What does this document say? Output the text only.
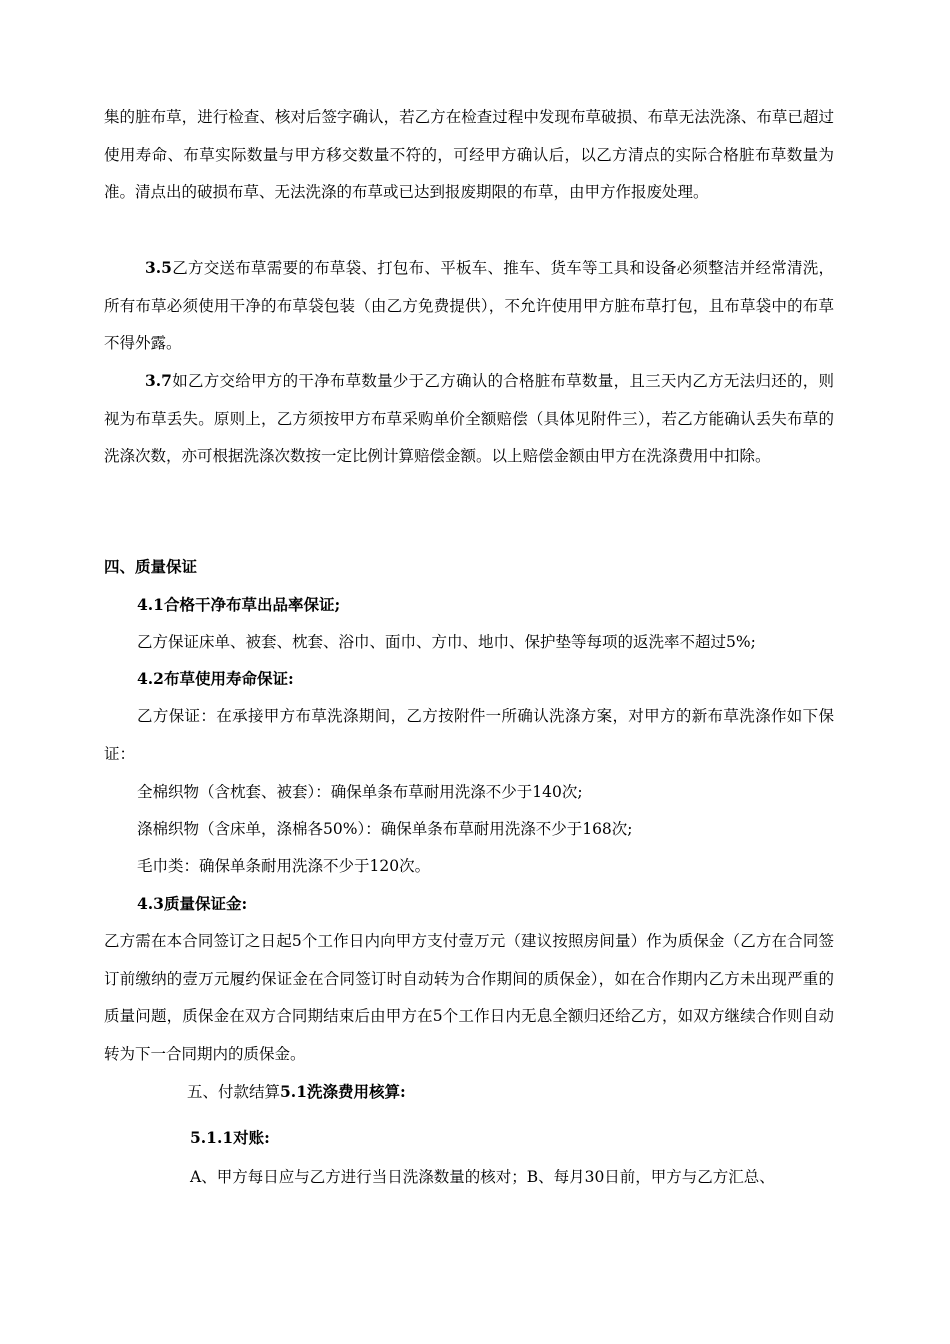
集的脏布草，进行检查、核对后签字确认，若乙方在检查过程中发现布草破损、布草无法洗涤、布草已超过使用寿命、布草实际数量与甲方移交数量不符的，可经甲方确认后，以乙方清点的实际合格脏布草数量为准。清点出的破损布草、无法洗涤的布草或已达到报废期限的布草，由甲方作报废处理。

3.5乙方交送布草需要的布草袋、打包布、平板车、推车、货车等工具和设备必须整洁并经常清洗，所有布草必须使用干净的布草袋包装（由乙方免费提供），不允许使用甲方脏布草打包，且布草袋中的布草不得外露。

3.7如乙方交给甲方的干净布草数量少于乙方确认的合格脏布草数量，且三天内乙方无法归还的，则视为布草丢失。原则上，乙方须按甲方布草采购单价全额赔偿（具体见附件三），若乙方能确认丢失布草的洗涤次数，亦可根据洗涤次数按一定比例计算赔偿金额。以上赔偿金额由甲方在洗涤费用中扣除。

四、质量保证

4.1合格干净布草出品率保证;

乙方保证床单、被套、枕套、浴巾、面巾、方巾、地巾、保护垫等每项的返洗率不超过5%;

4.2布草使用寿命保证:

乙方保证：在承接甲方布草洗涤期间，乙方按附件一所确认洗涤方案，对甲方的新布草洗涤作如下保证：

全棉织物（含枕套、被套）：确保单条布草耐用洗涤不少于140次;

涤棉织物（含床单，涤棉各50%）：确保单条布草耐用洗涤不少于168次;

毛巾类：确保单条耐用洗涤不少于120次。

4.3质量保证金:

乙方需在本合同签订之日起5个工作日内向甲方支付壹万元（建议按照房间量）作为质保金（乙方在合同签订前缴纳的壹万元履约保证金在合同签订时自动转为合作期间的质保金），如在合作期内乙方未出现严重的质量问题，质保金在双方合同期结束后由甲方在5个工作日内无息全额归还给乙方，如双方继续合作则自动转为下一合同期内的质保金。

五、付款结算5.1洗涤费用核算:

5.1.1对账:

A、甲方每日应与乙方进行当日洗涤数量的核对；B、每月30日前，甲方与乙方汇总、
